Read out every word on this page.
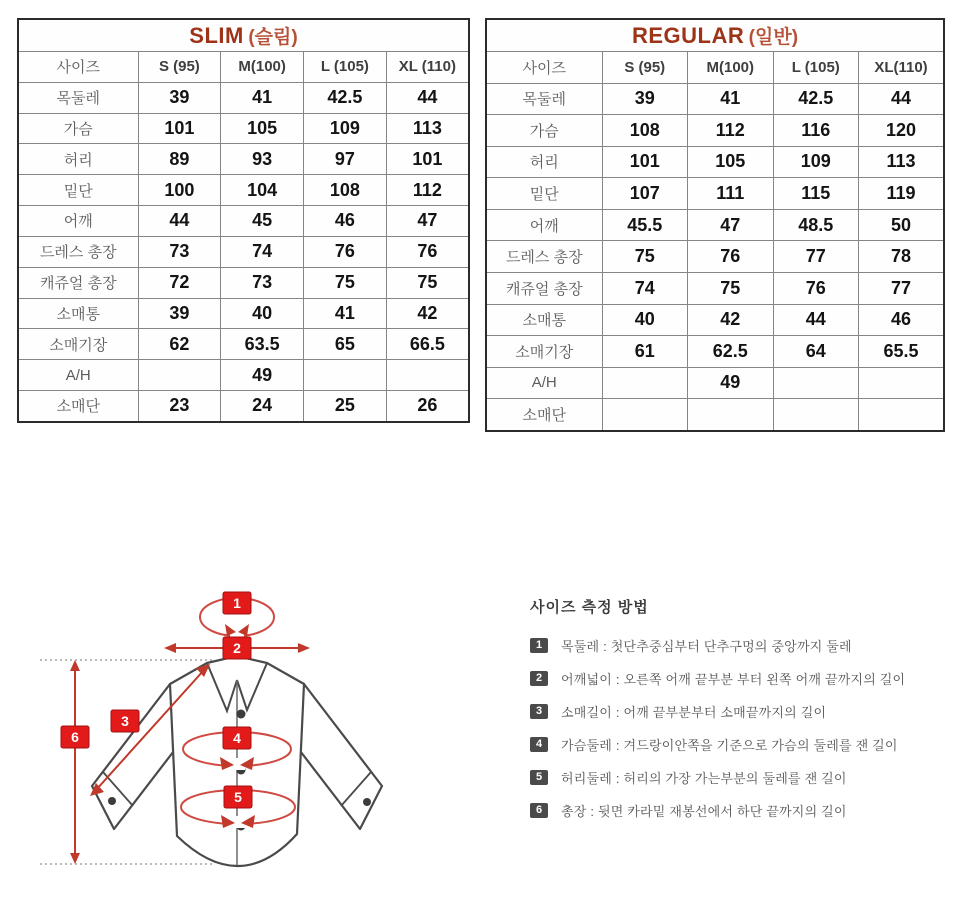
SLIM (슬림)				
사이즈	S (95)	M(100)	L (105)	XL (110)
목둘레	39	41	42.5	44
가슴	101	105	109	113
허리	89	93	97	101
밑단	100	104	108	112
어깨	44	45	46	47
드레스 총장	73	74	76	76
캐쥬얼 총장	72	73	75	75
소매통	39	40	41	42
소매기장	62	63.5	65	66.5
A/H		49		
소매단	23	24	25	26
REGULAR (일반)				
사이즈	S (95)	M(100)	L (105)	XL(110)
목둘레	39	41	42.5	44
가슴	108	112	116	120
허리	101	105	109	113
밑단	107	111	115	119
어깨	45.5	47	48.5	50
드레스 총장	75	76	77	78
캐쥬얼 총장	74	75	76	77
소매통	40	42	44	46
소매기장	61	62.5	64	65.5
A/H		49		
소매단				
1
2
3
4
5
6
사이즈 측정 방법
1	목둘레 : 첫단추중심부터 단추구멍의 중앙까지 둘레
2	어깨넓이 : 오른쪽 어깨 끝부분 부터 왼쪽 어깨 끝까지의 길이
3	소매길이 : 어깨 끝부분부터 소매끝까지의 길이
4	가슴둘레 : 겨드랑이안쪽을 기준으로 가슴의 둘레를 잰 길이
5	허리둘레 : 허리의 가장 가는부분의 둘레를 잰 길이
6	총장 : 뒷면 카라밑 재봉선에서 하단 끝까지의 길이
